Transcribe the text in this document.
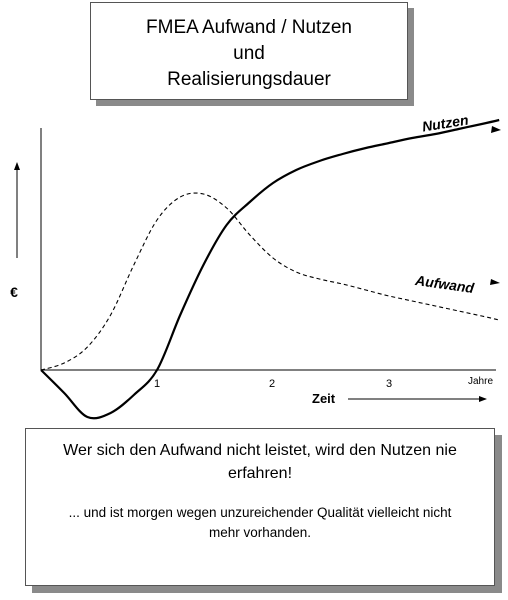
FMEA Aufwand / Nutzen
und
Realisierungsdauer
€
Zeit
Jahre
1	2	3
Nutzen
Aufwand
Wer sich den Aufwand nicht leistet, wird den Nutzen nie erfahren!
... und ist morgen wegen unzureichender Qualität vielleicht nicht mehr vorhanden.
